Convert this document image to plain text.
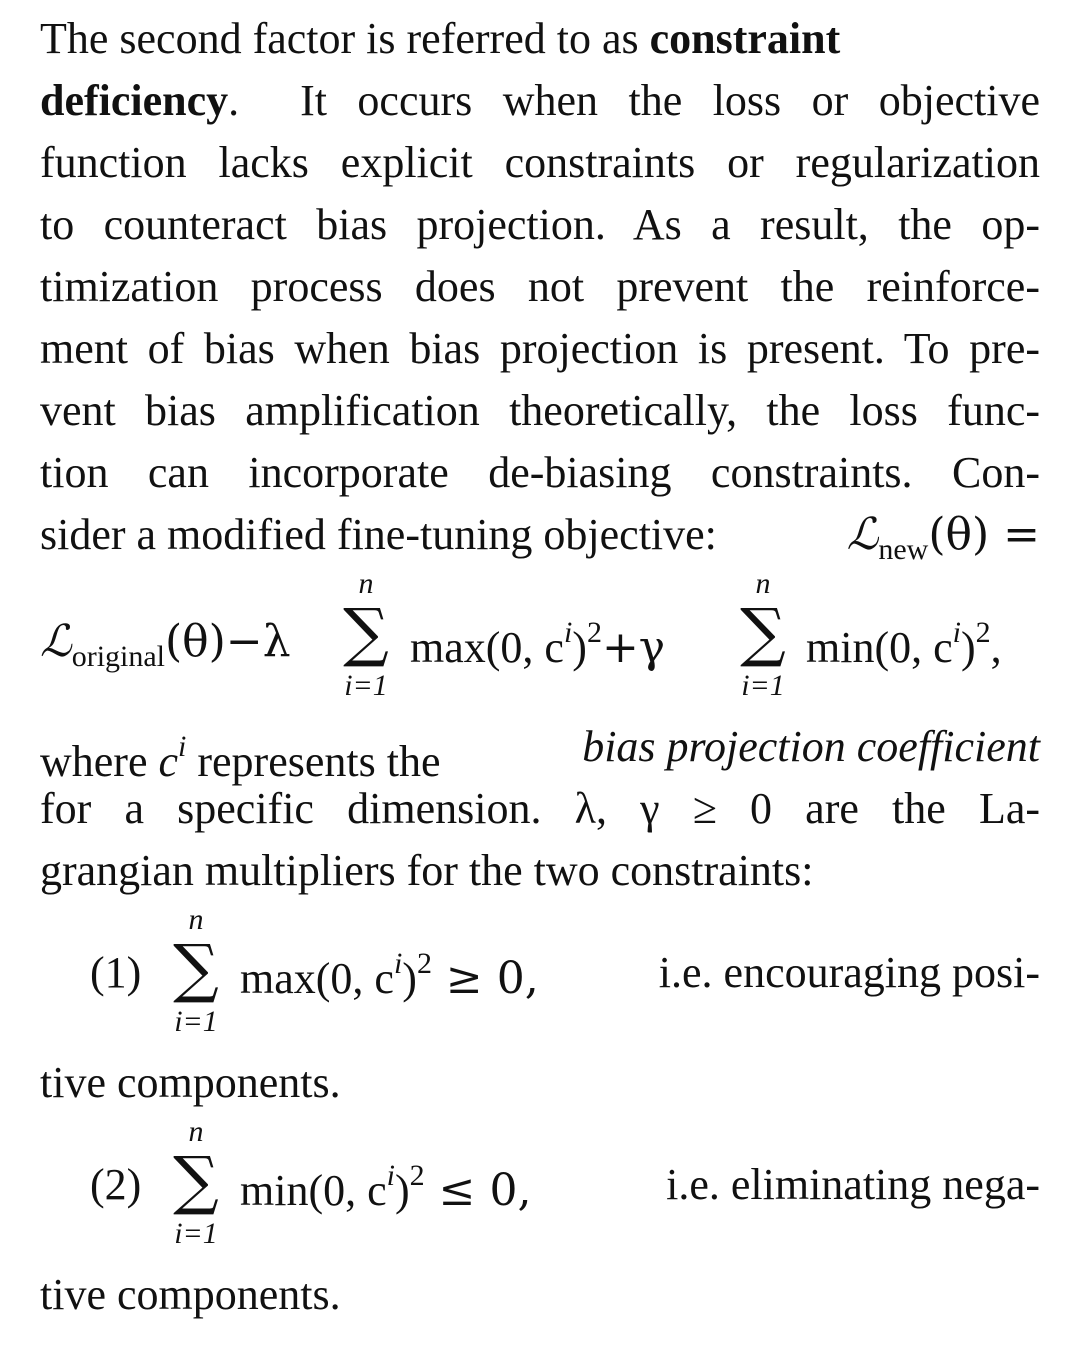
The second factor is referred to as constraint
deficiency .  It occurs when the loss or objective
function lacks explicit constraints or regularization
to counteract bias projection. As a result, the op-
timization process does not prevent the reinforce-
ment of bias when bias projection is present. To pre-
vent bias amplification theoretically, the loss func-
tion can incorporate de-biasing constraints. Con-
sider a modified fine-tuning objective:	ℒ$_{new}$(θ) =
ℒ$_{original}$(θ)−λ
n
∑
i=1
max(0, $c^i)^2+\gamma$
n
∑
i=1
min(0, $c^i)^2$,
where $c^i$ represents the	bias projection coefficient
for a specific dimension. λ, γ ≥ 0 are the La-
grangian multipliers for the two constraints:
(1)
n
∑
i=1
max(0, $c^i)^2 \ge 0$,	i.e. encouraging posi-
tive components.
(2)
n
∑
i=1
min(0, $c^i)^2 \le 0$,	i.e. eliminating nega-
tive components.
